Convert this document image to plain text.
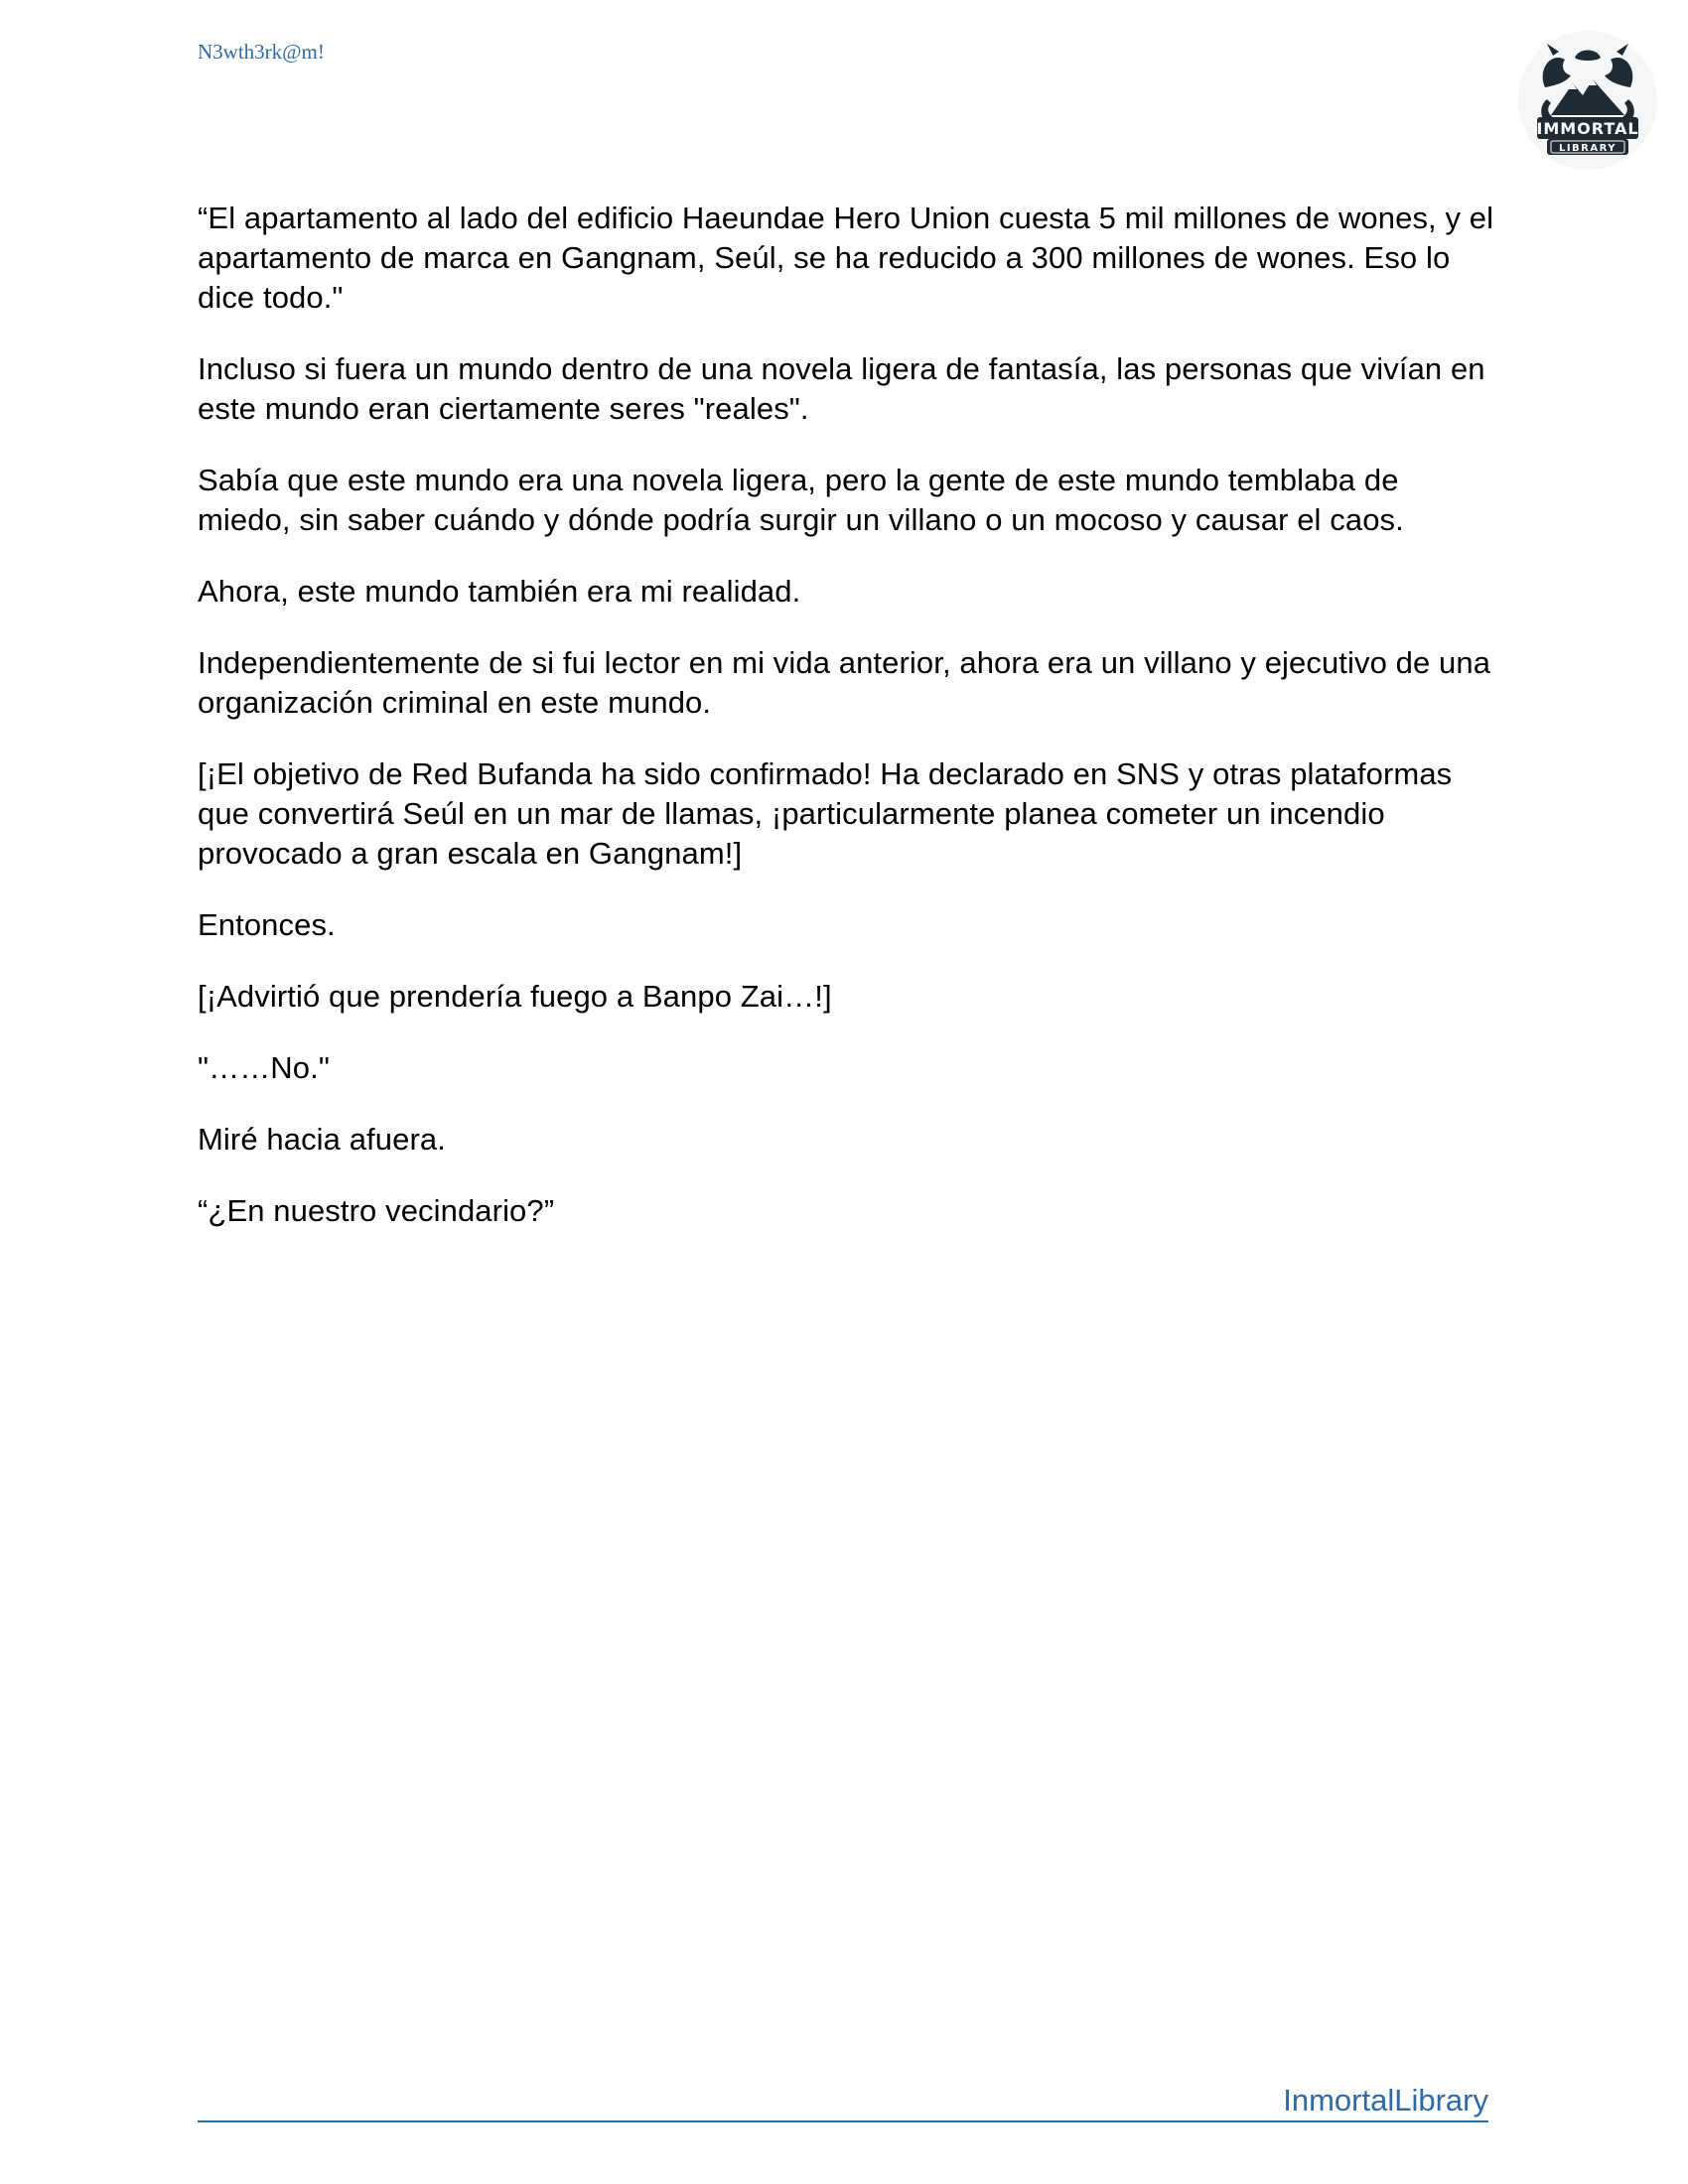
N3wth3rk@m!
IMMORTAL
LIBRARY

“El apartamento al lado del edificio Haeundae Hero Union cuesta 5 mil millones de wones, y el apartamento de marca en Gangnam, Seúl, se ha reducido a 300 millones de wones. Eso lo dice todo."

Incluso si fuera un mundo dentro de una novela ligera de fantasía, las personas que vivían en este mundo eran ciertamente seres "reales".

Sabía que este mundo era una novela ligera, pero la gente de este mundo temblaba de miedo, sin saber cuándo y dónde podría surgir un villano o un mocoso y causar el caos.

Ahora, este mundo también era mi realidad.

Independientemente de si fui lector en mi vida anterior, ahora era un villano y ejecutivo de una organización criminal en este mundo.

[¡El objetivo de Red Bufanda ha sido confirmado! Ha declarado en SNS y otras plataformas que convertirá Seúl en un mar de llamas, ¡particularmente planea cometer un incendio provocado a gran escala en Gangnam!]

Entonces.

[¡Advirtió que prendería fuego a Banpo Zai…!]

"……No."

Miré hacia afuera.

“¿En nuestro vecindario?”

InmortalLibrary
